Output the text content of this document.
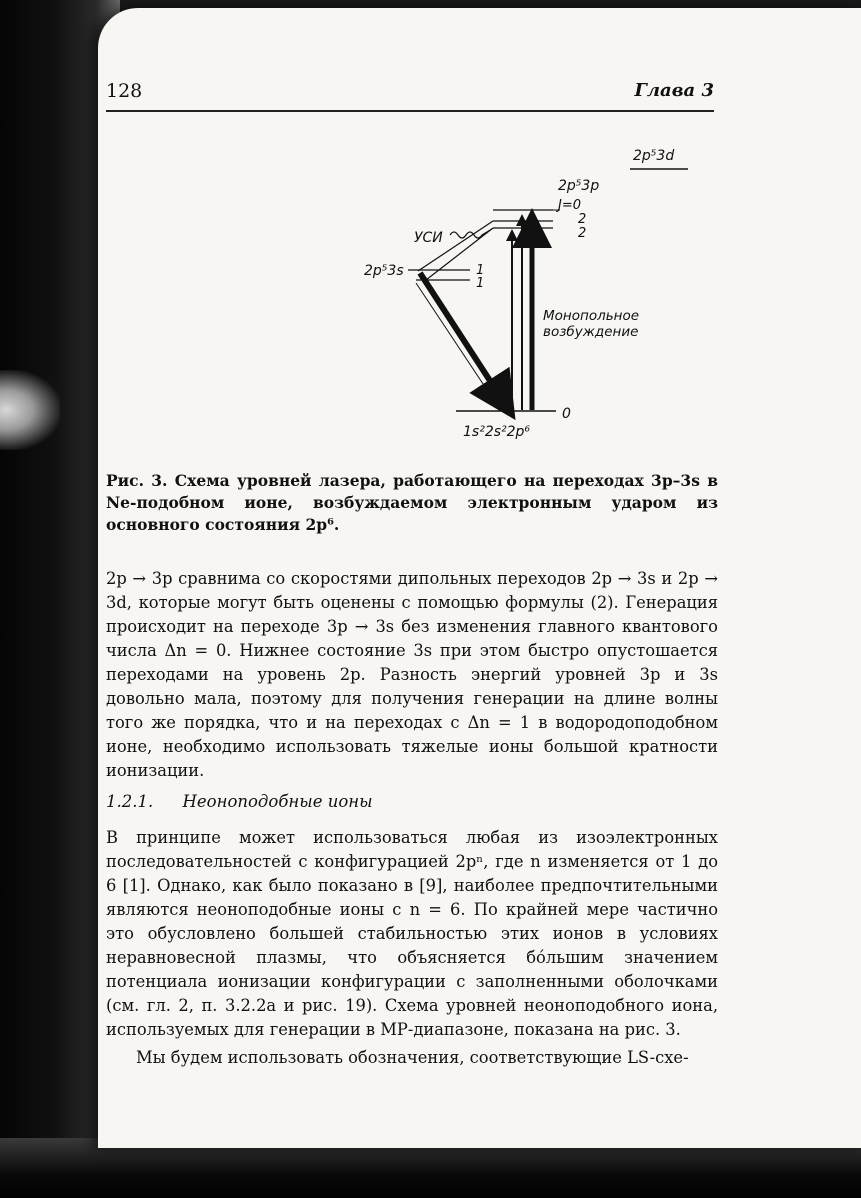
128	Глава 3
2p⁵3d
2p⁵3p
J=0
2
2
УСИ
2p⁵3s	1
1
0
1s²2s²2p⁶
Монопольное
возбуждение
Рис. 3. Схема уровней лазера, работающего на переходах 3p–3s в Ne-подобном ионе, возбуждаемом электронным ударом из основного состояния 2p⁶.
2p → 3p сравнима со скоростями дипольных переходов 2p → 3s и 2p → 3d, которые могут быть оценены с помощью формулы (2). Генерация происходит на переходе 3p → 3s без изменения главного квантового числа Δn = 0. Нижнее состояние 3s при этом быстро опустошается переходами на уровень 2p. Разность энергий уровней 3p и 3s довольно мала, поэтому для получения генерации на длине волны того же порядка, что и на переходах с Δn = 1 в водородоподобном ионе, необходимо использовать тяжелые ионы большой кратности ионизации.
1.2.1. Неоноподобные ионы
В принципе может использоваться любая из изоэлектронных последовательностей с конфигурацией 2pⁿ, где n изменяется от 1 до 6 [1]. Однако, как было показано в [9], наиболее предпочтительными являются неоноподобные ионы с n = 6. По крайней мере частично это обусловлено большей стабильностью этих ионов в условиях неравновесной плазмы, что объясняется бо́льшим значением потенциала ионизации конфигурации с заполненными оболочками (см. гл. 2, п. 3.2.2а и рис. 19). Схема уровней неоноподобного иона, используемых для генерации в МР-диапазоне, показана на рис. 3.
Мы будем использовать обозначения, соответствующие LS-схе-
